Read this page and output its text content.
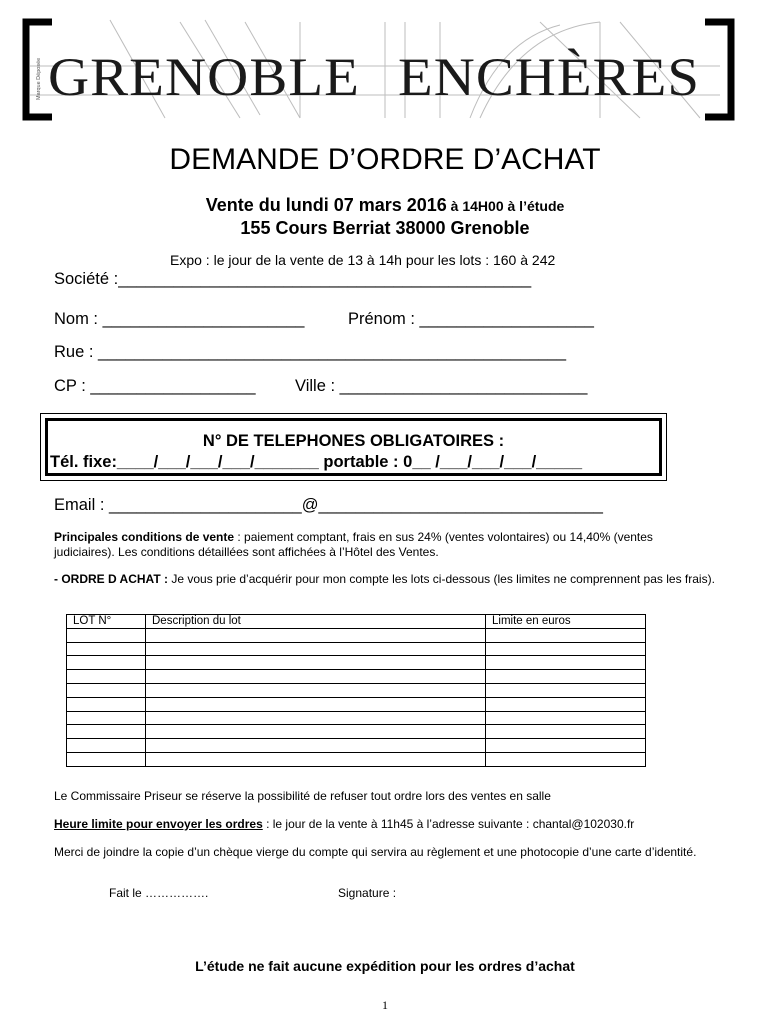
Marque Déposée GRENOBLE ENCHÈRES
DEMANDE D’ORDRE D’ACHAT
Vente du lundi 07 mars 2016 à 14H00 à l’étude
155 Cours Berriat 38000 Grenoble
Expo : le jour de la vente de 13 à 14h pour les lots : 160 à 242
Société :_____________________________________________
Nom : ______________________	Prénom : ___________________
Rue : ___________________________________________________
CP : __________________ Ville : ___________________________
N° DE TELEPHONES OBLIGATOIRES :
Tél. fixe:____/___/___/___/_______ portable : 0__ /___/___/___/_____
Email : _____________________@_______________________________
Principales conditions de vente : paiement comptant, frais en sus 24% (ventes volontaires) ou 14,40% (ventes judiciaires). Les conditions détaillées sont affichées à l’Hôtel des Ventes.
- ORDRE D ACHAT : Je vous prie d’acquérir pour mon compte les lots ci-dessous (les limites ne comprennent pas les frais).
LOT N°	Description du lot	Limite en euros

Le Commissaire Priseur se réserve la possibilité de refuser tout ordre lors des ventes en salle
Heure limite pour envoyer les ordres : le jour de la vente à 11h45 à l’adresse suivante : chantal@102030.fr
Merci de joindre la copie d’un chèque vierge du compte qui servira au règlement et une photocopie d’une carte d’identité.
Fait le …………….	Signature :
L’étude ne fait aucune expédition pour les ordres d’achat
1
